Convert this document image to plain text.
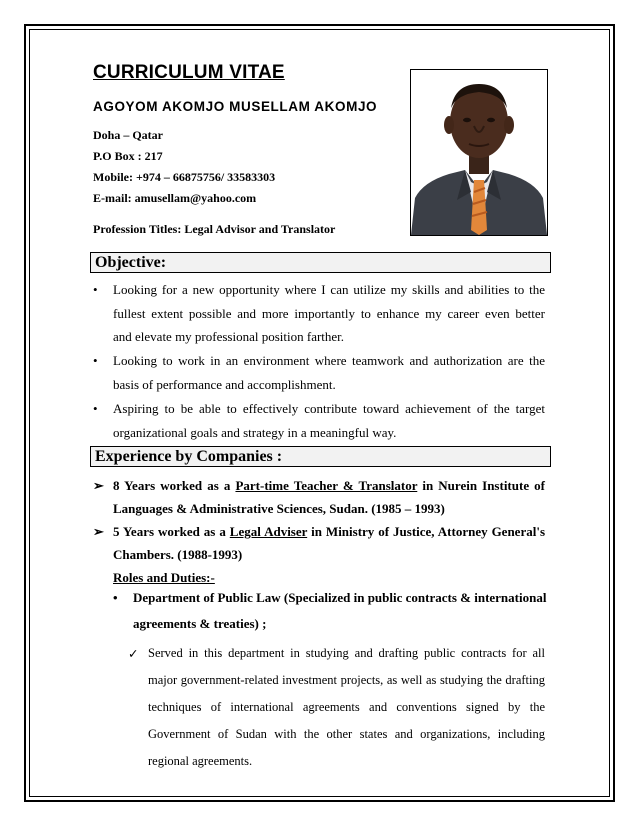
CURRICULUM VITAE
AGOYOM AKOMJO MUSELLAM AKOMJO
Doha – Qatar
P.O Box : 217
Mobile: +974 – 66875756/ 33583303
E-mail: amusellam@yahoo.com
Profession Titles: Legal Advisor and Translator
Objective:
• Looking for a new opportunity where I can utilize my skills and abilities to the
fullest extent possible and more importantly to enhance my career even better
and elevate my professional position farther.
• Looking to work in an environment where teamwork and authorization are the
basis of performance and accomplishment.
• Aspiring to be able to effectively contribute toward achievement of the target
organizational goals and strategy in a meaningful way.
Experience by Companies :
➢ 8 Years worked as a Part-time Teacher & Translator in Nurein Institute of
Languages & Administrative Sciences, Sudan. (1985 – 1993)
➢ 5 Years worked as a Legal Adviser in Ministry of Justice, Attorney General's
Chambers. (1988-1993)
Roles and Duties:-
• Department of Public Law (Specialized in public contracts & international
agreements & treaties) ;
✓ Served in this department in studying and drafting public contracts for all
major government-related investment projects, as well as studying the drafting
techniques of international agreements and conventions signed by the
Government of Sudan with the other states and organizations, including
regional agreements.
